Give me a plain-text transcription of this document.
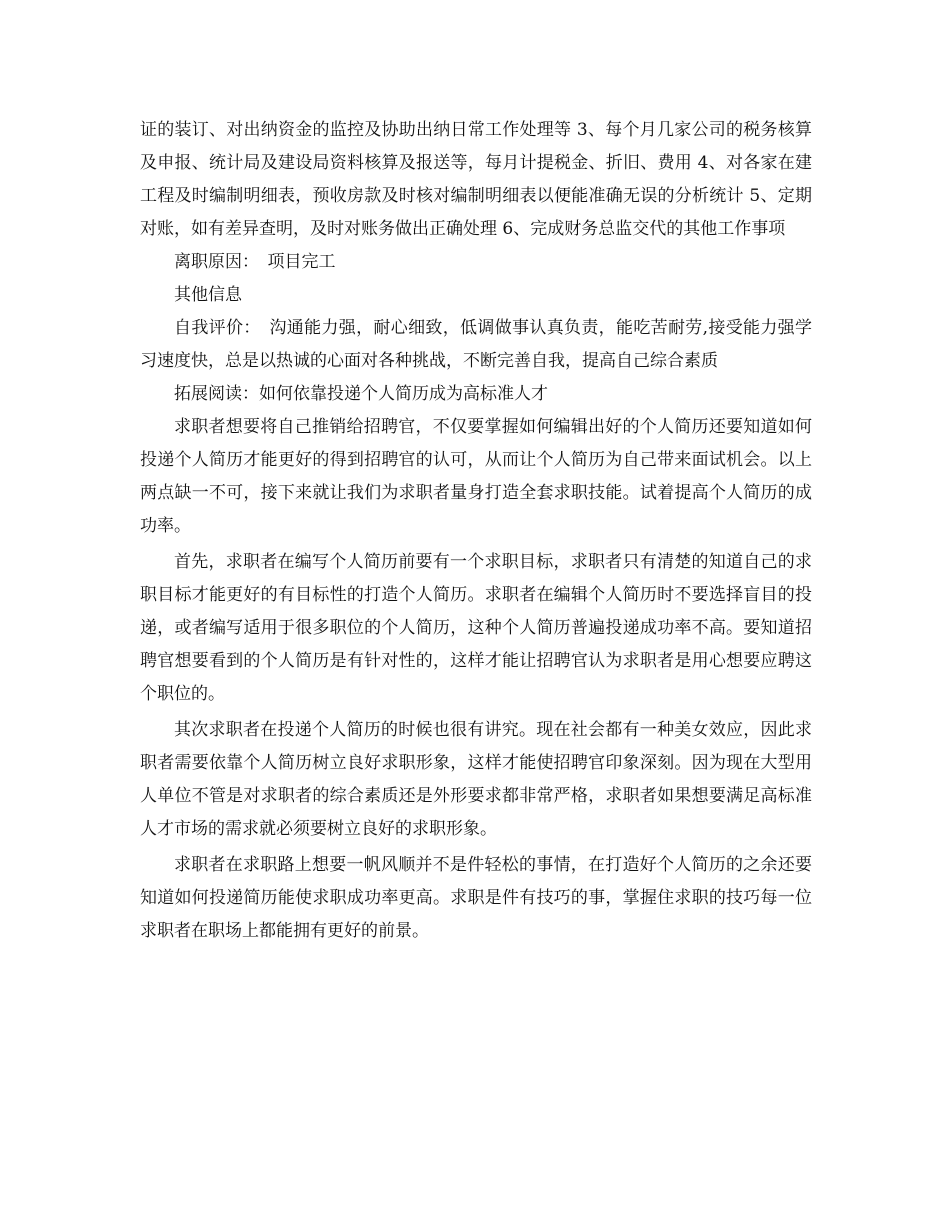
证的装订、对出纳资金的监控及协助出纳日常工作处理等 3、每个月几家公司的税务核算及申报、统计局及建设局资料核算及报送等，每月计提税金、折旧、费用 4、对各家在建工程及时编制明细表，预收房款及时核对编制明细表以便能准确无误的分析统计 5、定期对账，如有差异查明，及时对账务做出正确处理 6、完成财务总监交代的其他工作事项

离职原因：　项目完工

其他信息

自我评价：　沟通能力强，耐心细致，低调做事认真负责，能吃苦耐劳,接受能力强学习速度快，总是以热诚的心面对各种挑战，不断完善自我，提高自己综合素质

拓展阅读：如何依靠投递个人简历成为高标准人才

求职者想要将自己推销给招聘官，不仅要掌握如何编辑出好的个人简历还要知道如何投递个人简历才能更好的得到招聘官的认可，从而让个人简历为自己带来面试机会。以上两点缺一不可，接下来就让我们为求职者量身打造全套求职技能。试着提高个人简历的成功率。

首先，求职者在编写个人简历前要有一个求职目标，求职者只有清楚的知道自己的求职目标才能更好的有目标性的打造个人简历。求职者在编辑个人简历时不要选择盲目的投递，或者编写适用于很多职位的个人简历，这种个人简历普遍投递成功率不高。要知道招聘官想要看到的个人简历是有针对性的，这样才能让招聘官认为求职者是用心想要应聘这个职位的。

其次求职者在投递个人简历的时候也很有讲究。现在社会都有一种美女效应，因此求职者需要依靠个人简历树立良好求职形象，这样才能使招聘官印象深刻。因为现在大型用人单位不管是对求职者的综合素质还是外形要求都非常严格，求职者如果想要满足高标准人才市场的需求就必须要树立良好的求职形象。

求职者在求职路上想要一帆风顺并不是件轻松的事情，在打造好个人简历的之余还要知道如何投递简历能使求职成功率更高。求职是件有技巧的事，掌握住求职的技巧每一位求职者在职场上都能拥有更好的前景。
